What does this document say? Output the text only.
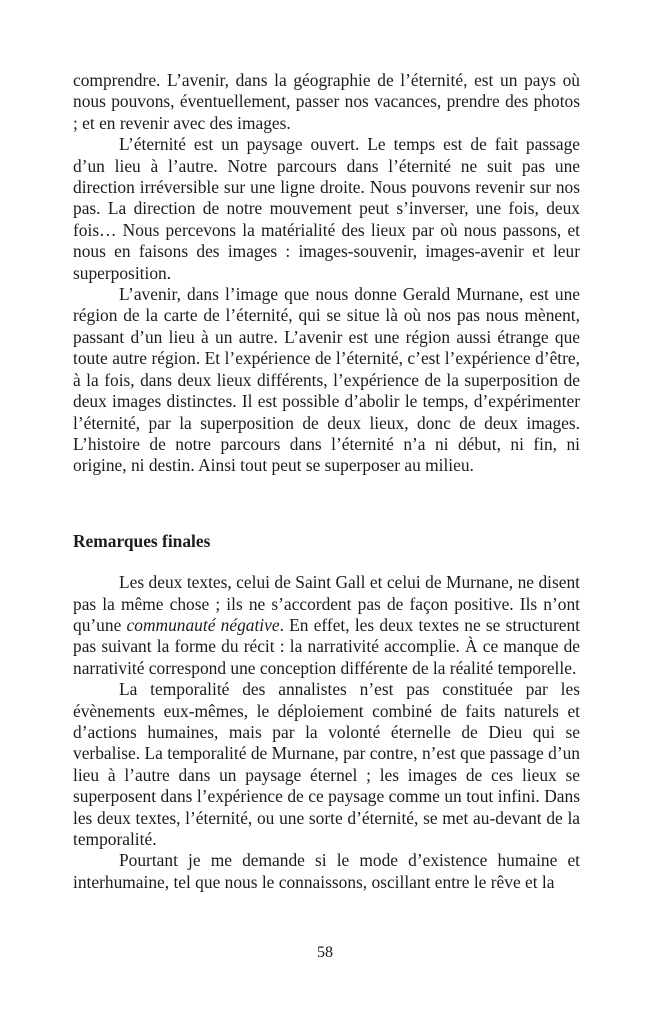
comprendre. L’avenir, dans la géographie de l’éternité, est un pays où nous pouvons, éventuellement, passer nos vacances, prendre des photos ; et en revenir avec des images.

L’éternité est un paysage ouvert. Le temps est de fait passage d’un lieu à l’autre. Notre parcours dans l’éternité ne suit pas une direction irréversible sur une ligne droite. Nous pouvons revenir sur nos pas. La direction de notre mouvement peut s’inverser, une fois, deux fois… Nous percevons la matérialité des lieux par où nous passons, et nous en faisons des images : images-souvenir, images-avenir et leur superposition.

L’avenir, dans l’image que nous donne Gerald Murnane, est une région de la carte de l’éternité, qui se situe là où nos pas nous mènent, passant d’un lieu à un autre. L’avenir est une région aussi étrange que toute autre région. Et l’expérience de l’éternité, c’est l’expérience d’être, à la fois, dans deux lieux différents, l’expérience de la superposition de deux images distinctes. Il est possible d’abolir le temps, d’expérimenter l’éternité, par la superposition de deux lieux, donc de deux images. L’histoire de notre parcours dans l’éternité n’a ni début, ni fin, ni origine, ni destin. Ainsi tout peut se superposer au milieu.

Remarques finales

Les deux textes, celui de Saint Gall et celui de Murnane, ne disent pas la même chose ; ils ne s’accordent pas de façon positive. Ils n’ont qu’une communauté négative. En effet, les deux textes ne se structurent pas suivant la forme du récit : la narrativité accomplie. À ce manque de narrativité correspond une conception différente de la réalité temporelle.

La temporalité des annalistes n’est pas constituée par les évènements eux-mêmes, le déploiement combiné de faits naturels et d’actions humaines, mais par la volonté éternelle de Dieu qui se verbalise. La temporalité de Murnane, par contre, n’est que passage d’un lieu à l’autre dans un paysage éternel ; les images de ces lieux se superposent dans l’expérience de ce paysage comme un tout infini. Dans les deux textes, l’éternité, ou une sorte d’éternité, se met au-devant de la temporalité.

Pourtant je me demande si le mode d’existence humaine et interhumaine, tel que nous le connaissons, oscillant entre le rêve et la

58
